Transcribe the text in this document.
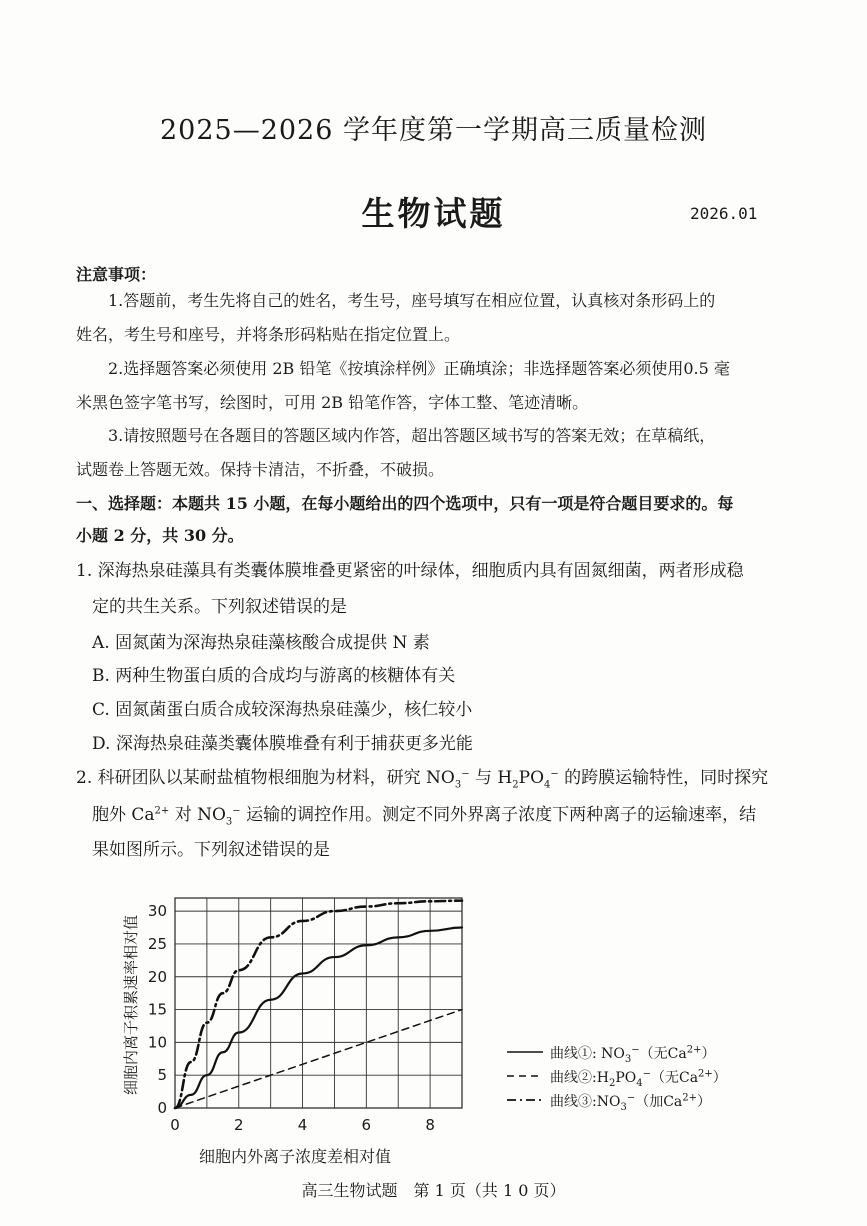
2025—2026 学年度第一学期高三质量检测
生物试题	2026.01
注意事项：
1.答题前，考生先将自己的姓名，考生号，座号填写在相应位置，认真核对条形码上的
姓名，考生号和座号，并将条形码粘贴在指定位置上。
2.选择题答案必须使用 2B 铅笔《按填涂样例》正确填涂；非选择题答案必须使用0.5 毫
米黑色签字笔书写，绘图时，可用 2B 铅笔作答，字体工整、笔迹清晰。
3.请按照题号在各题目的答题区域内作答，超出答题区域书写的答案无效；在草稿纸，
试题卷上答题无效。保持卡清洁，不折叠，不破损。
一、选择题：本题共 15 小题，在每小题给出的四个选项中，只有一项是符合题目要求的。每
小题 2 分，共 30 分。
1. 深海热泉硅藻具有类囊体膜堆叠更紧密的叶绿体，细胞质内具有固氮细菌，两者形成稳
定的共生关系。下列叙述错误的是
A. 固氮菌为深海热泉硅藻核酸合成提供 N 素
B. 两种生物蛋白质的合成均与游离的核糖体有关
C. 固氮菌蛋白质合成较深海热泉硅藻少，核仁较小
D. 深海热泉硅藻类囊体膜堆叠有利于捕获更多光能
2. 科研团队以某耐盐植物根细胞为材料，研究 $NO_3^-$ 与 $H_2PO_4^-$ 的跨膜运输特性，同时探究
胞外 $Ca^{2+}$ 对 $NO_3^-$ 运输的调控作用。测定不同外界离子浓度下两种离子的运输速率，结
果如图所示。下列叙述错误的是
0	2	4	6	8
0
5
10
15
20
25
30
细胞内外离子浓度差相对值
细胞内离子积累速率相对值	曲线①: $NO_3^-$（无$Ca^{2+}$）
曲线$②:H_2PO_4^-$（无$Ca^{2+}$）
曲线$③:NO_3^-$（加$Ca^{2+}$）
高三生物试题　第 1 页（共 1 0 页）
